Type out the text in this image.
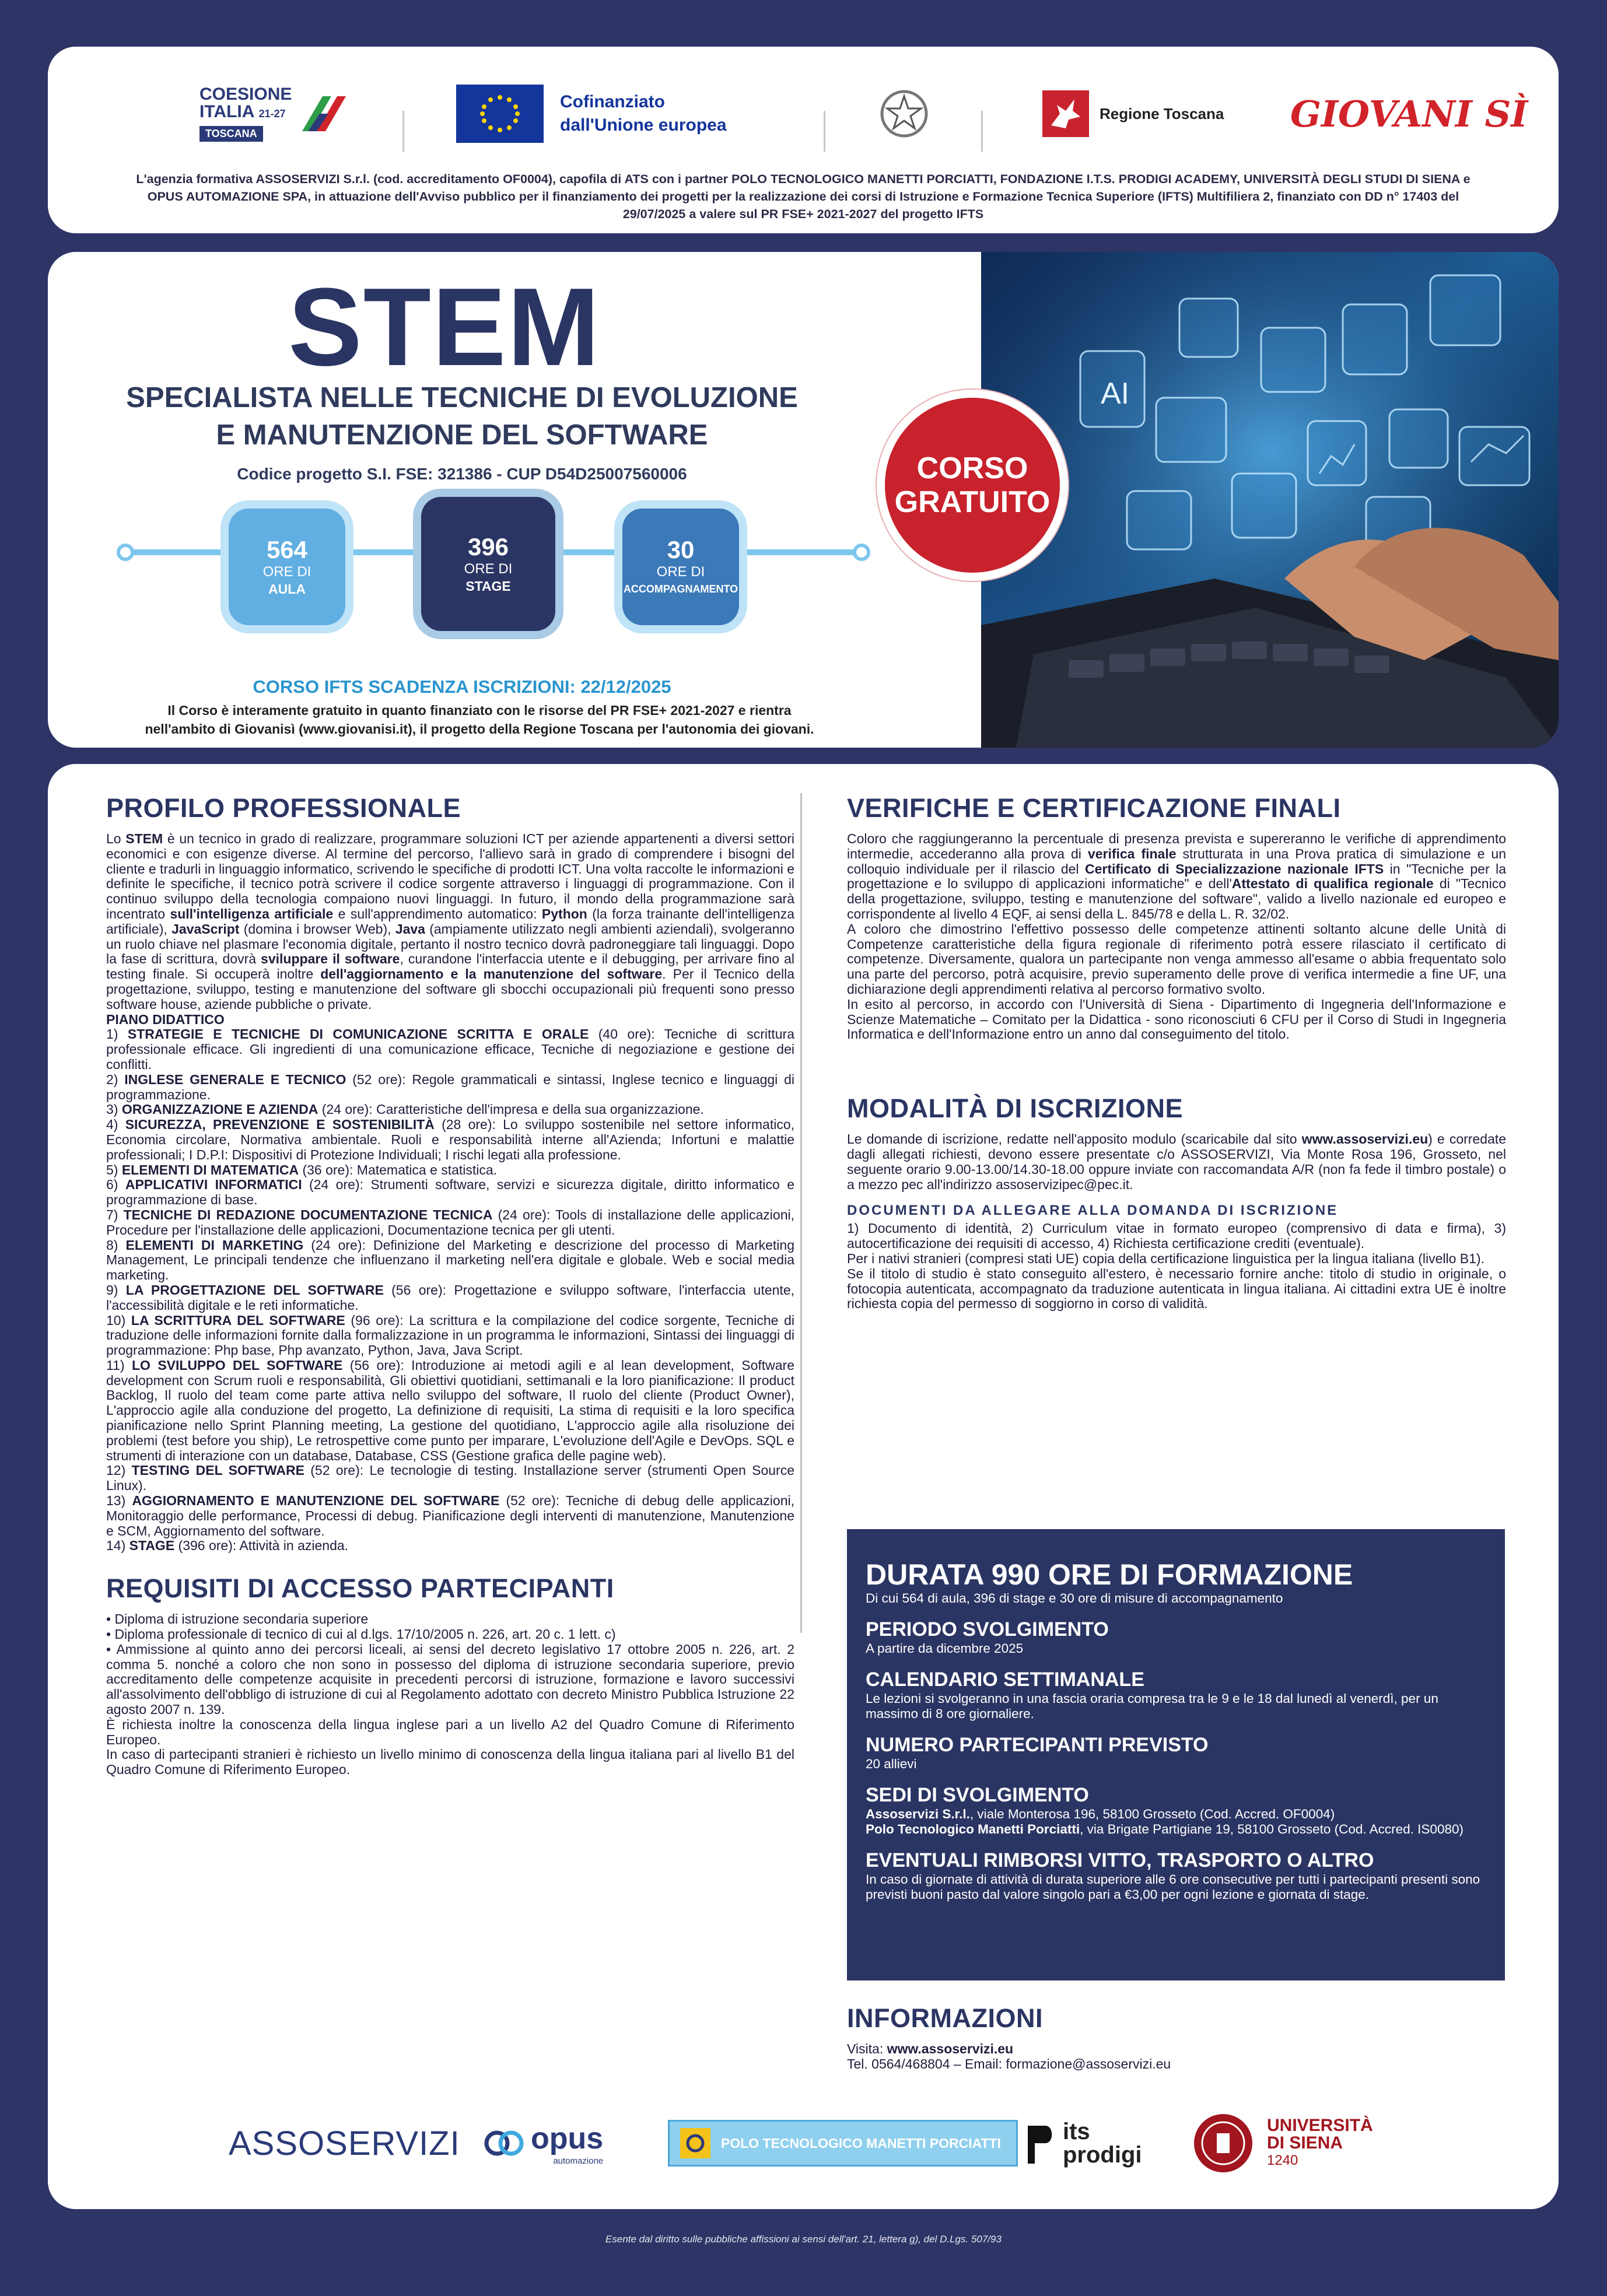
COESIONE
ITALIA 21-27
TOSCANA
Cofinanziato
dall'Unione europea
Regione Toscana GIOVANI
SÌ
L'agenzia formativa ASSOSERVIZI S.r.l. (cod. accreditamento OF0004), capofila di ATS con i partner POLO TECNOLOGICO MANETTI PORCIATTI, FONDAZIONE I.T.S. PRODIGI ACADEMY, UNIVERSITÀ DEGLI STUDI DI SIENA e OPUS AUTOMAZIONE SPA, in attuazione dell'Avviso pubblico per il finanziamento dei progetti per la realizzazione dei corsi di Istruzione e Formazione Tecnica Superiore (IFTS) Multifiliera 2, finanziato con DD n° 17403 del 29/07/2025 a valere sul PR FSE+ 2021-2027 del progetto IFTS
STEM
SPECIALISTA NELLE TECNICHE DI EVOLUZIONE
E MANUTENZIONE DEL SOFTWARE
Codice progetto S.I. FSE: 321386 - CUP D54D25007560006
564
ORE DI
AULA
396
ORE DI
STAGE
30
ORE DI
ACCOMPAGNAMENTO
CORSO IFTS SCADENZA ISCRIZIONI: 22/12/2025
Il Corso è interamente gratuito in quanto finanziato con le risorse del PR FSE+ 2021-2027 e rientra
nell'ambito di Giovanisì (www.giovanisi.it), il progetto della Regione Toscana per l'autonomia dei giovani.
AI
CORSO
GRATUITO
PROFILO PROFESSIONALE
Lo STEM è un tecnico in grado di realizzare, programmare soluzioni ICT per aziende appartenenti a diversi settori economici e con esigenze diverse. Al termine del percorso, l'allievo sarà in grado di comprendere i bisogni del cliente e tradurli in linguaggio informatico, scrivendo le specifiche di prodotti ICT. Una volta raccolte le informazioni e definite le specifiche, il tecnico potrà scrivere il codice sorgente attraverso i linguaggi di programmazione. Con il continuo sviluppo della tecnologia compaiono nuovi linguaggi. In futuro, il mondo della programmazione sarà incentrato sull'intelligenza artificiale e sull'apprendimento automatico: Python (la forza trainante dell'intelligenza artificiale), JavaScript (domina i browser Web), Java (ampiamente utilizzato negli ambienti aziendali), svolgeranno un ruolo chiave nel plasmare l'economia digitale, pertanto il nostro tecnico dovrà padroneggiare tali linguaggi. Dopo la fase di scrittura, dovrà sviluppare il software, curandone l'interfaccia utente e il debugging, per arrivare fino al testing finale. Si occuperà inoltre dell'aggiornamento e la manutenzione del software. Per il Tecnico della progettazione, sviluppo, testing e manutenzione del software gli sbocchi occupazionali più frequenti sono presso software house, aziende pubbliche o private.
PIANO DIDATTICO
1) STRATEGIE E TECNICHE DI COMUNICAZIONE SCRITTA E ORALE (40 ore): Tecniche di scrittura professionale efficace. Gli ingredienti di una comunicazione efficace, Tecniche di negoziazione e gestione dei conflitti.
2) INGLESE GENERALE E TECNICO (52 ore): Regole grammaticali e sintassi, Inglese tecnico e linguaggi di programmazione.
3) ORGANIZZAZIONE E AZIENDA (24 ore): Caratteristiche dell'impresa e della sua organizzazione.
4) SICUREZZA, PREVENZIONE E SOSTENIBILITÀ (28 ore): Lo sviluppo sostenibile nel settore informatico, Economia circolare, Normativa ambientale. Ruoli e responsabilità interne all'Azienda; Infortuni e malattie professionali; I D.P.I: Dispositivi di Protezione Individuali; I rischi legati alla professione.
5) ELEMENTI DI MATEMATICA (36 ore): Matematica e statistica.
6) APPLICATIVI INFORMATICI (24 ore): Strumenti software, servizi e sicurezza digitale, diritto informatico e programmazione di base.
7) TECNICHE DI REDAZIONE DOCUMENTAZIONE TECNICA (24 ore): Tools di installazione delle applicazioni, Procedure per l'installazione delle applicazioni, Documentazione tecnica per gli utenti.
8) ELEMENTI DI MARKETING (24 ore): Definizione del Marketing e descrizione del processo di Marketing Management, Le principali tendenze che influenzano il marketing nell'era digitale e globale. Web e social media marketing.
9) LA PROGETTAZIONE DEL SOFTWARE (56 ore): Progettazione e sviluppo software, l'interfaccia utente, l'accessibilità digitale e le reti informatiche.
10) LA SCRITTURA DEL SOFTWARE (96 ore): La scrittura e la compilazione del codice sorgente, Tecniche di traduzione delle informazioni fornite dalla formalizzazione in un programma le informazioni, Sintassi dei linguaggi di programmazione: Php base, Php avanzato, Python, Java, Java Script.
11) LO SVILUPPO DEL SOFTWARE (56 ore): Introduzione ai metodi agili e al lean development, Software development con Scrum ruoli e responsabilità, Gli obiettivi quotidiani, settimanali e la loro pianificazione: Il product Backlog, Il ruolo del team come parte attiva nello sviluppo del software, Il ruolo del cliente (Product Owner), L'approccio agile alla conduzione del progetto, La definizione di requisiti, La stima di requisiti e la loro specifica pianificazione nello Sprint Planning meeting, La gestione del quotidiano, L'approccio agile alla risoluzione dei problemi (test before you ship), Le retrospettive come punto per imparare, L'evoluzione dell'Agile e DevOps. SQL e strumenti di interazione con un database, Database, CSS (Gestione grafica delle pagine web).
12) TESTING DEL SOFTWARE (52 ore): Le tecnologie di testing. Installazione server (strumenti Open Source Linux).
13) AGGIORNAMENTO E MANUTENZIONE DEL SOFTWARE (52 ore): Tecniche di debug delle applicazioni, Monitoraggio delle performance, Processi di debug. Pianificazione degli interventi di manutenzione, Manutenzione e SCM, Aggiornamento del software.
14) STAGE (396 ore): Attività in azienda.
REQUISITI DI ACCESSO PARTECIPANTI
• Diploma di istruzione secondaria superiore
• Diploma professionale di tecnico di cui al d.lgs. 17/10/2005 n. 226, art. 20 c. 1 lett. c)
• Ammissione al quinto anno dei percorsi liceali, ai sensi del decreto legislativo 17 ottobre 2005 n. 226, art. 2 comma 5. nonché a coloro che non sono in possesso del diploma di istruzione secondaria superiore, previo accreditamento delle competenze acquisite in precedenti percorsi di istruzione, formazione e lavoro successivi all'assolvimento dell'obbligo di istruzione di cui al Regolamento adottato con decreto Ministro Pubblica Istruzione 22 agosto 2007 n. 139.
È richiesta inoltre la conoscenza della lingua inglese pari a un livello A2 del Quadro Comune di Riferimento Europeo.
In caso di partecipanti stranieri è richiesto un livello minimo di conoscenza della lingua italiana pari al livello B1 del Quadro Comune di Riferimento Europeo.
VERIFICHE E CERTIFICAZIONE FINALI
Coloro che raggiungeranno la percentuale di presenza prevista e supereranno le verifiche di apprendimento intermedie, accederanno alla prova di verifica finale strutturata in una Prova pratica di simulazione e un colloquio individuale per il rilascio del Certificato di Specializzazione nazionale IFTS in "Tecniche per la progettazione e lo sviluppo di applicazioni informatiche" e dell'Attestato di qualifica regionale di "Tecnico della progettazione, sviluppo, testing e manutenzione del software", valido a livello nazionale ed europeo e corrispondente al livello 4 EQF, ai sensi della L. 845/78 e della L. R. 32/02.
A coloro che dimostrino l'effettivo possesso delle competenze attinenti soltanto alcune delle Unità di Competenze caratteristiche della figura regionale di riferimento potrà essere rilasciato il certificato di competenze. Diversamente, qualora un partecipante non venga ammesso all'esame o abbia frequentato solo una parte del percorso, potrà acquisire, previo superamento delle prove di verifica intermedie a fine UF, una dichiarazione degli apprendimenti relativa al percorso formativo svolto.
In esito al percorso, in accordo con l'Università di Siena - Dipartimento di Ingegneria dell'Informazione e Scienze Matematiche – Comitato per la Didattica - sono riconosciuti 6 CFU per il Corso di Studi in Ingegneria Informatica e dell'Informazione entro un anno dal conseguimento del titolo.
MODALITÀ DI ISCRIZIONE
Le domande di iscrizione, redatte nell'apposito modulo (scaricabile dal sito www.assoservizi.eu) e corredate dagli allegati richiesti, devono essere presentate c/o ASSOSERVIZI, Via Monte Rosa 196, Grosseto, nel seguente orario 9.00-13.00/14.30-18.00 oppure inviate con raccomandata A/R (non fa fede il timbro postale) o a mezzo pec all'indirizzo assoservizipec@pec.it.
DOCUMENTI DA ALLEGARE ALLA DOMANDA DI ISCRIZIONE
1) Documento di identità, 2) Curriculum vitae in formato europeo (comprensivo di data e firma), 3) autocertificazione dei requisiti di accesso, 4) Richiesta certificazione crediti (eventuale).
Per i nativi stranieri (compresi stati UE) copia della certificazione linguistica per la lingua italiana (livello B1).
Se il titolo di studio è stato conseguito all'estero, è necessario fornire anche: titolo di studio in originale, o fotocopia autenticata, accompagnato da traduzione autenticata in lingua italiana. Ai cittadini extra UE è inoltre richiesta copia del permesso di soggiorno in corso di validità.
DURATA 990 ORE DI FORMAZIONE

Di cui 564 di aula, 396 di stage e 30 ore di misure di accompagnamento

PERIODO SVOLGIMENTO

A partire da dicembre 2025

CALENDARIO SETTIMANALE

Le lezioni si svolgeranno in una fascia oraria compresa tra le 9 e le 18 dal lunedì al venerdì, per un massimo di 8 ore giornaliere.

NUMERO PARTECIPANTI PREVISTO

20 allievi

SEDI DI SVOLGIMENTO

Assoservizi S.r.l., viale Monterosa 196, 58100 Grosseto (Cod. Accred. OF0004)
Polo Tecnologico Manetti Porciatti, via Brigate Partigiane 19, 58100 Grosseto (Cod. Accred. IS0080)

EVENTUALI RIMBORSI VITTO, TRASPORTO O ALTRO

In caso di giornate di attività di durata superiore alle 6 ore consecutive per tutti i partecipanti presenti sono previsti buoni pasto dal valore singolo pari a €3,00 per ogni lezione e giornata di stage.

INFORMAZIONI
Visita: www.assoservizi.eu
Tel. 0564/468804 – Email: formazione@assoservizi.eu
ASSOSERVIZI opus
automazione
POLO TECNOLOGICO MANETTI PORCIATTI	its
prodigi
UNIVERSITÀ
DI SIENA
1240
Esente dal diritto sulle pubbliche affissioni ai sensi dell'art. 21, lettera g), del D.Lgs. 507/93
